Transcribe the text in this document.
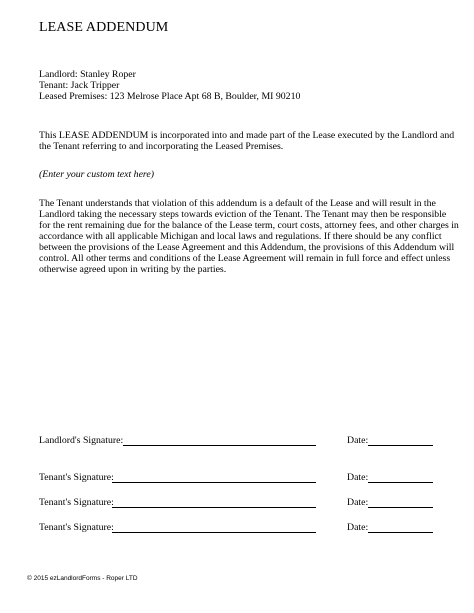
LEASE ADDENDUM
Landlord: Stanley Roper
Tenant: Jack Tripper
Leased Premises: 123 Melrose Place Apt 68 B, Boulder, MI 90210
This LEASE ADDENDUM is incorporated into and made part of the Lease executed by the Landlord and the Tenant referring to and incorporating the Leased Premises.
(Enter your custom text here)
The Tenant understands that violation of this addendum is a default of the Lease and will result in the Landlord taking the necessary steps towards eviction of the Tenant. The Tenant may then be responsible for the rent remaining due for the balance of the Lease term, court costs, attorney fees, and other charges in accordance with all applicable Michigan and local laws and regulations. If there should be any conflict between the provisions of the Lease Agreement and this Addendum, the provisions of this Addendum will control. All other terms and conditions of the Lease Agreement will remain in full force and effect unless otherwise agreed upon in writing by the parties.
Landlord's Signature:	Date:
Tenant's Signature:	Date:
Tenant's Signature:	Date:
Tenant's Signature:	Date:
© 2015 ezLandlordForms - Roper LTD
